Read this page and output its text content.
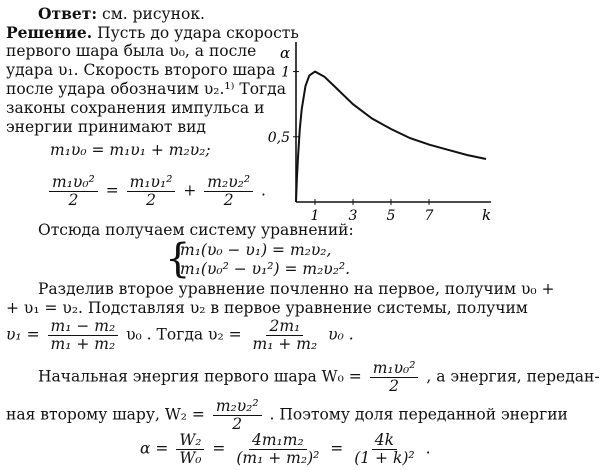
Ответ: см. рисунок.
Решение. Пусть до удара скорость
первого шара была υ₀, а после
удара υ₁. Скорость второго шара
после удара обозначим υ₂.¹⁾ Тогда
законы сохранения импульса и
энергии принимают вид
m₁υ₀ = m₁υ₁ + m₂υ₂;
$\frac{\text{m₁υ₀²}}{2} = \frac{\text{m₁υ₁²}}{2} + \frac{\text{m₂υ₂²}}{2}$ .
Отсюда получаем систему уравнений:
{
m₁(υ₀ − υ₁) = m₂υ₂,
m₁(υ₀² − υ₁²) = m₂υ₂².
Разделив второе уравнение почленно на первое, получим υ₀ +
+ υ₁ = υ₂. Подставляя υ₂ в первое уравнение системы, получим
$\upsilon_1 = \frac{\text{m₁ − m₂}}{\text{m₁ + m₂}} \upsilon_0$ . Тогда $\upsilon_2 = \frac{\text{2m₁}}{\text{m₁ + m₂}} \upsilon_0$ .
Начальная энергия первого шара $W_0 = \frac{\text{m₁υ₀²}}{2}$ , а энергия, передан-
ная второму шару, $W_2 = \frac{\text{m₂υ₂²}}{2}$ . Поэтому доля переданной энергии
$\alpha = \frac{\text{W₂}}{\text{W₀}} = \frac{\text{4m₁m₂}}{\text{(m₁ + m₂)²}} = \frac{4k}{\text{(1 + k)²}}$ .
α
k
1
0,5
1 3 5 7
